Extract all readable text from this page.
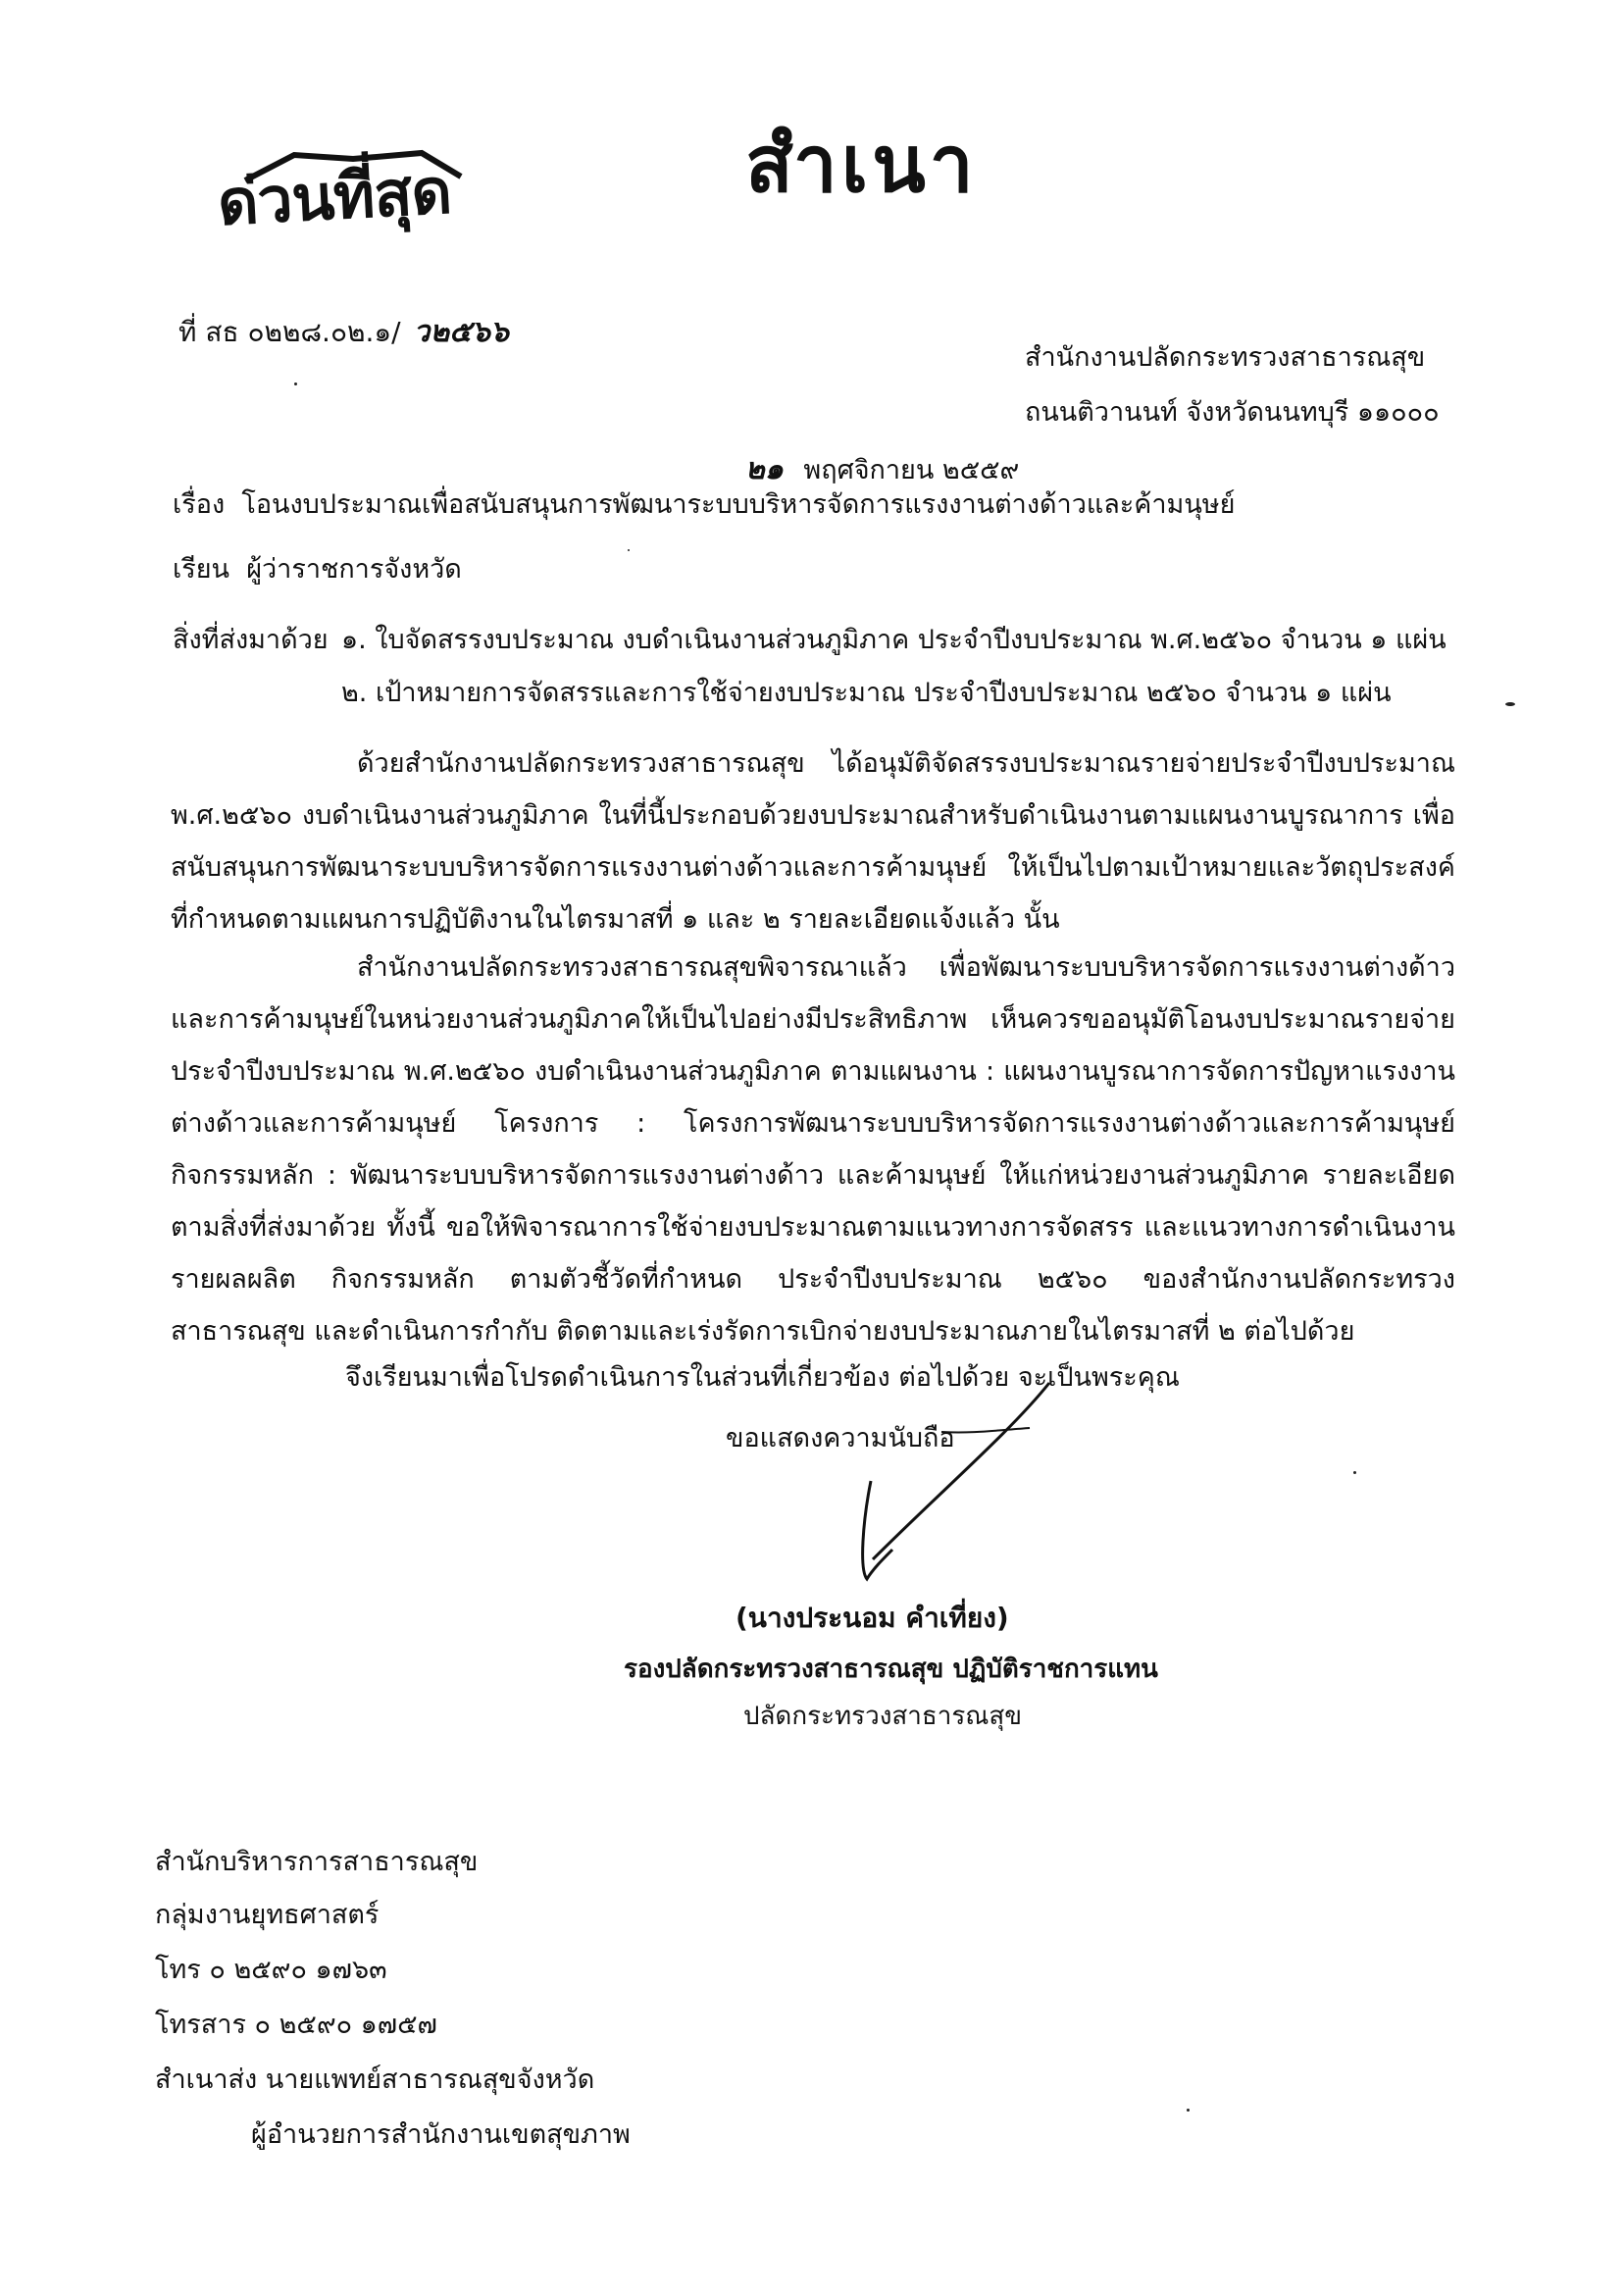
ด่วนที่สุด	สำเนา
ที่ สธ ๐๒๒๘.๐๒.๑/ ว๒๕๖๖
สำนักงานปลัดกระทรวงสาธารณสุข
ถนนติวานนท์ จังหวัดนนทบุรี ๑๑๐๐๐
๒๑ พฤศจิกายน ๒๕๕๙
เรื่อง โอนงบประมาณเพื่อสนับสนุนการพัฒนาระบบบริหารจัดการแรงงานต่างด้าวและค้ามนุษย์
เรียน ผู้ว่าราชการจังหวัด
สิ่งที่ส่งมาด้วย ๑. ใบจัดสรรงบประมาณ งบดำเนินงานส่วนภูมิภาค ประจำปีงบประมาณ พ.ศ.๒๕๖๐ จำนวน ๑ แผ่น
๒. เป้าหมายการจัดสรรและการใช้จ่ายงบประมาณ ประจำปีงบประมาณ ๒๕๖๐ จำนวน ๑ แผ่น
ด้วยสำนักงานปลัดกระทรวงสาธารณสุข ได้อนุมัติจัดสรรงบประมาณรายจ่ายประจำปีงบประมาณ พ.ศ.๒๕๖๐ งบดำเนินงานส่วนภูมิภาค ในที่นี้ประกอบด้วยงบประมาณสำหรับดำเนินงานตามแผนงานบูรณาการ เพื่อสนับสนุนการพัฒนาระบบบริหารจัดการแรงงานต่างด้าวและการค้ามนุษย์ ให้เป็นไปตามเป้าหมายและวัตถุประสงค์ที่กำหนดตามแผนการปฏิบัติงานในไตรมาสที่ ๑ และ ๒ รายละเอียดแจ้งแล้ว นั้น
สำนักงานปลัดกระทรวงสาธารณสุขพิจารณาแล้ว เพื่อพัฒนาระบบบริหารจัดการแรงงานต่างด้าวและการค้ามนุษย์ในหน่วยงานส่วนภูมิภาคให้เป็นไปอย่างมีประสิทธิภาพ เห็นควรขออนุมัติโอนงบประมาณรายจ่ายประจำปีงบประมาณ พ.ศ.๒๕๖๐ งบดำเนินงานส่วนภูมิภาค ตามแผนงาน : แผนงานบูรณาการจัดการปัญหาแรงงานต่างด้าวและการค้ามนุษย์ โครงการ : โครงการพัฒนาระบบบริหารจัดการแรงงานต่างด้าวและการค้ามนุษย์ กิจกรรมหลัก : พัฒนาระบบบริหารจัดการแรงงานต่างด้าว และค้ามนุษย์ ให้แก่หน่วยงานส่วนภูมิภาค รายละเอียดตามสิ่งที่ส่งมาด้วย ทั้งนี้ ขอให้พิจารณาการใช้จ่ายงบประมาณตามแนวทางการจัดสรร และแนวทางการดำเนินงาน รายผลผลิต กิจกรรมหลัก ตามตัวชี้วัดที่กำหนด ประจำปีงบประมาณ ๒๕๖๐ ของสำนักงานปลัดกระทรวงสาธารณสุข และดำเนินการกำกับ ติดตามและเร่งรัดการเบิกจ่ายงบประมาณภายในไตรมาสที่ ๒ ต่อไปด้วย
จึงเรียนมาเพื่อโปรดดำเนินการในส่วนที่เกี่ยวข้อง ต่อไปด้วย จะเป็นพระคุณ
ขอแสดงความนับถือ
(นางประนอม คำเที่ยง)
รองปลัดกระทรวงสาธารณสุข ปฏิบัติราชการแทน
ปลัดกระทรวงสาธารณสุข
สำนักบริหารการสาธารณสุข
กลุ่มงานยุทธศาสตร์
โทร ๐ ๒๕๙๐ ๑๗๖๓
โทรสาร ๐ ๒๕๙๐ ๑๗๕๗
สำเนาส่ง นายแพทย์สาธารณสุขจังหวัด
ผู้อำนวยการสำนักงานเขตสุขภาพ
